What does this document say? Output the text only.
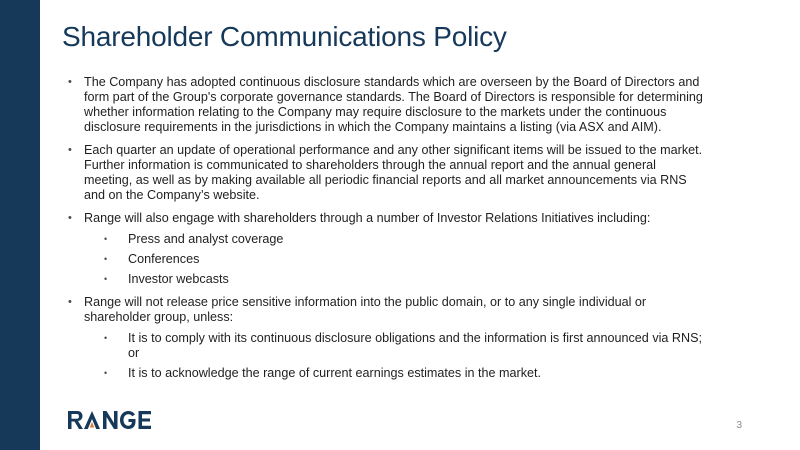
Shareholder Communications Policy
• The Company has adopted continuous disclosure standards which are overseen by the Board of Directors and form part of the Group's corporate governance standards. The Board of Directors is responsible for determining whether information relating to the Company may require disclosure to the markets under the continuous disclosure requirements in the jurisdictions in which the Company maintains a listing (via ASX and AIM).
• Each quarter an update of operational performance and any other significant items will be issued to the market. Further information is communicated to shareholders through the annual report and the annual general meeting, as well as by making available all periodic financial reports and all market announcements via RNS and on the Company’s website.
• Range will also engage with shareholders through a number of Investor Relations Initiatives including:
• Press and analyst coverage
• Conferences
• Investor webcasts
• Range will not release price sensitive information into the public domain, or to any single individual or shareholder group, unless:
• It is to comply with its continuous disclosure obligations and the information is first announced via RNS; or
• It is to acknowledge the range of current earnings estimates in the market.
3
